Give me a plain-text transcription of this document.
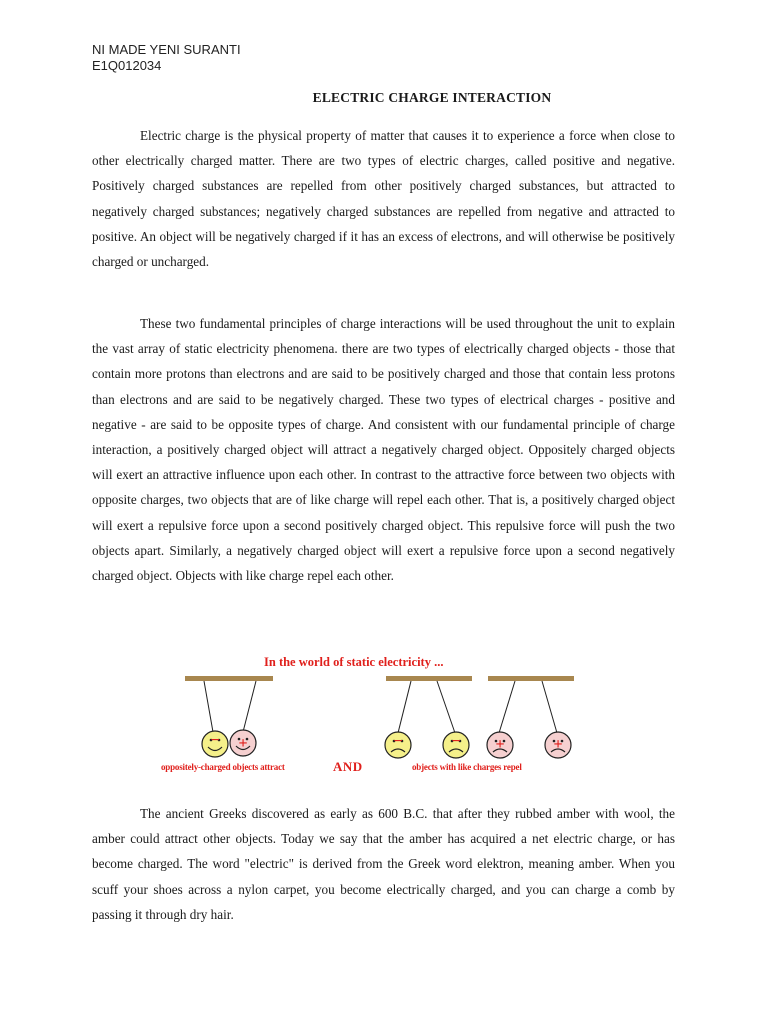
NI MADE YENI SURANTI
E1Q012034
ELECTRIC CHARGE INTERACTION

Electric charge is the physical property of matter that causes it to experience a force when close to other electrically charged matter. There are two types of electric charges, called positive and negative. Positively charged substances are repelled from other positively charged substances, but attracted to negatively charged substances; negatively charged substances are repelled from negative and attracted to positive. An object will be negatively charged if it has an excess of electrons, and will otherwise be positively charged or uncharged.

These two fundamental principles of charge interactions will be used throughout the unit to explain the vast array of static electricity phenomena. there are two types of electrically charged objects - those that contain more protons than electrons and are said to be positively charged and those that contain less protons than electrons and are said to be negatively charged. These two types of electrical charges - positive and negative - are said to be opposite types of charge. And consistent with our fundamental principle of charge interaction, a positively charged object will attract a negatively charged object. Oppositely charged objects will exert an attractive influence upon each other. In contrast to the attractive force between two objects with opposite charges, two objects that are of like charge will repel each other. That is, a positively charged object will exert a repulsive force upon a second positively charged object. This repulsive force will push the two objects apart. Similarly, a negatively charged object will exert a repulsive force upon a second negatively charged object. Objects with like charge repel each other.

In the world of static electricity ...
− +	−	− +	+
oppositely-charged objects attract	AND	objects with like charges repel

The ancient Greeks discovered as early as 600 B.C. that after they rubbed amber with wool, the amber could attract other objects. Today we say that the amber has acquired a net electric charge, or has become charged. The word "electric" is derived from the Greek word elektron, meaning amber. When you scuff your shoes across a nylon carpet, you become electrically charged, and you can charge a comb by passing it through dry hair.
